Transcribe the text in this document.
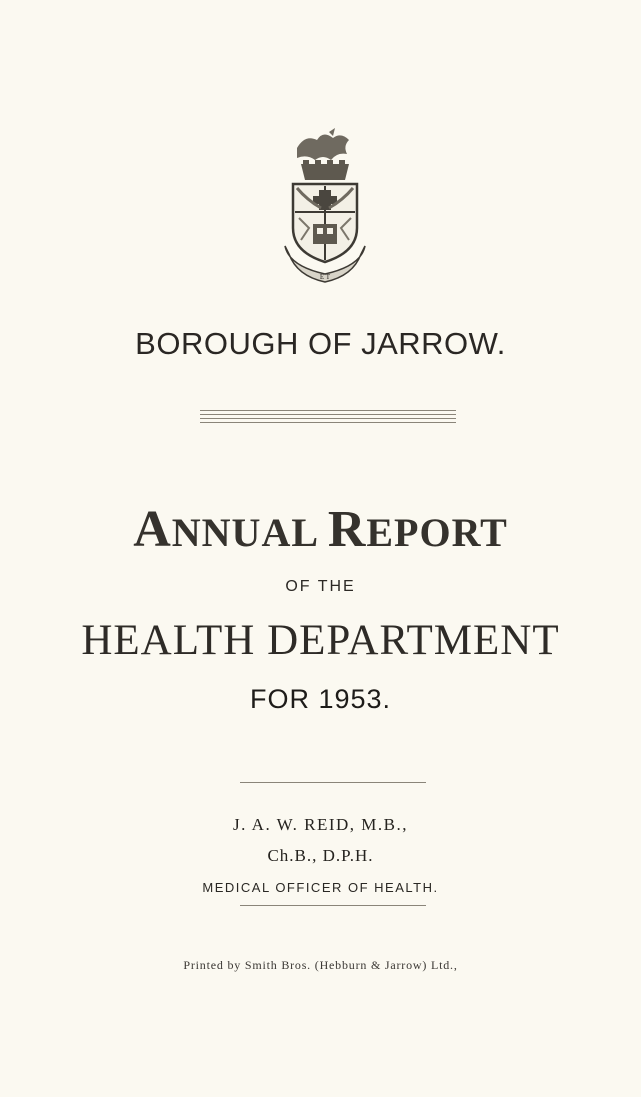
E T
BOROUGH OF JARROW.
ANNUAL REPORT
OF THE
HEALTH DEPARTMENT
FOR 1953.
J. A. W. REID, M.B.,
Ch.B., D.P.H.
MEDICAL OFFICER OF HEALTH.
Printed by Smith Bros. (Hebburn & Jarrow) Ltd.,
